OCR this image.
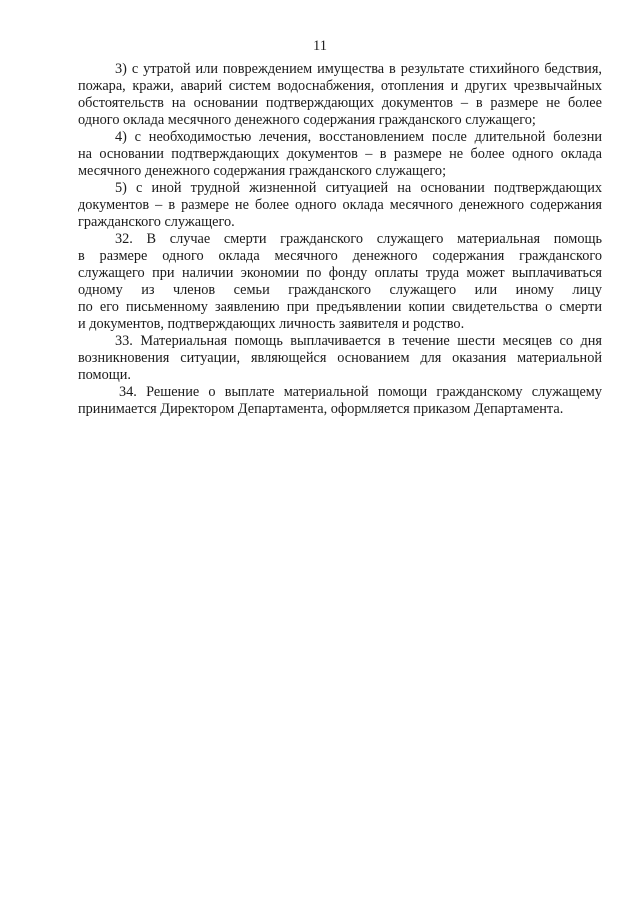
11
3) с утратой или повреждением имущества в результате стихийного бедствия,
пожара, кражи, аварий систем водоснабжения, отопления и других чрезвычайных
обстоятельств на основании подтверждающих документов – в размере не более
одного оклада месячного денежного содержания гражданского служащего;
4) с необходимостью лечения, восстановлением после длительной болезни
на основании подтверждающих документов – в размере не более одного оклада
месячного денежного содержания гражданского служащего;
5) с иной трудной жизненной ситуацией на основании подтверждающих
документов – в размере не более одного оклада месячного денежного содержания
гражданского служащего.
32. В случае смерти гражданского служащего материальная помощь
в размере одного оклада месячного денежного содержания гражданского
служащего при наличии экономии по фонду оплаты труда может выплачиваться
одному из членов семьи гражданского служащего или иному лицу
по его письменному заявлению при предъявлении копии свидетельства о смерти
и документов, подтверждающих личность заявителя и родство.
33. Материальная помощь выплачивается в течение шести месяцев со дня
возникновения ситуации, являющейся основанием для оказания материальной
помощи.
34. Решение о выплате материальной помощи гражданскому служащему
принимается Директором Департамента, оформляется приказом Департамента.
